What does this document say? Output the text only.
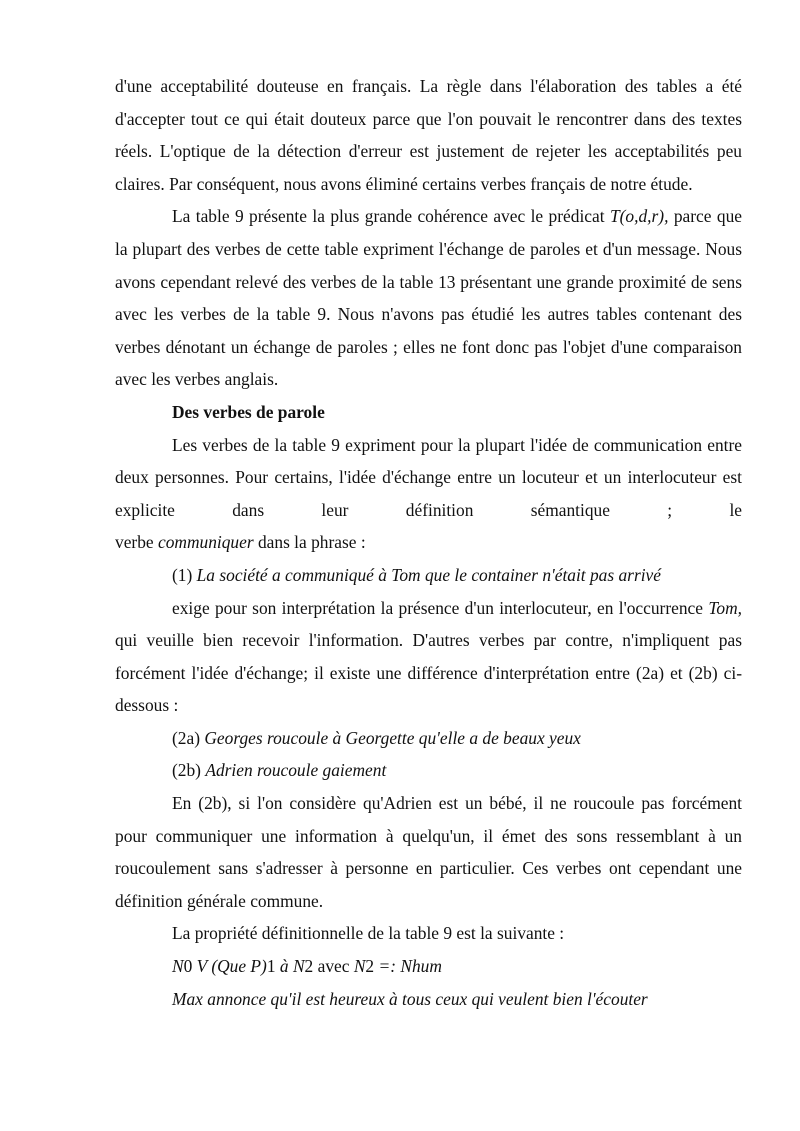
d'une acceptabilité douteuse en français. La règle dans l'élaboration des tables a été d'accepter tout ce qui était douteux parce que l'on pouvait le rencontrer dans des textes réels. L'optique de la détection d'erreur est justement de rejeter les acceptabilités peu claires. Par conséquent, nous avons éliminé certains verbes français de notre étude.

La table 9 présente la plus grande cohérence avec le prédicat T(o,d,r), parce que la plupart des verbes de cette table expriment l'échange de paroles et d'un message. Nous avons cependant relevé des verbes de la table 13 présentant une grande proximité de sens avec les verbes de la table 9. Nous n'avons pas étudié les autres tables contenant des verbes dénotant un échange de paroles ; elles ne font donc pas l'objet d'une comparaison avec les verbes anglais.

Des verbes de parole

Les verbes de la table 9 expriment pour la plupart l'idée de communication entre deux personnes. Pour certains, l'idée d'échange entre un locuteur et un interlocuteur est explicite dans leur définition sémantique ; le

verbe communiquer dans la phrase :

(1) La société a communiqué à Tom que le container n'était pas arrivé

exige pour son interprétation la présence d'un interlocuteur, en l'occurrence Tom, qui veuille bien recevoir l'information. D'autres verbes par contre, n'impliquent pas forcément l'idée d'échange; il existe une différence d'interprétation entre (2a) et (2b) ci-dessous :

(2a) Georges roucoule à Georgette qu'elle a de beaux yeux

(2b) Adrien roucoule gaiement

En (2b), si l'on considère qu'Adrien est un bébé, il ne roucoule pas forcément pour communiquer une information à quelqu'un, il émet des sons ressemblant à un roucoulement sans s'adresser à personne en particulier. Ces verbes ont cependant une définition générale commune.

La propriété définitionnelle de la table 9 est la suivante :

N0 V (Que P)1 à N2 avec N2 =: Nhum

Max annonce qu'il est heureux à tous ceux qui veulent bien l'écouter
